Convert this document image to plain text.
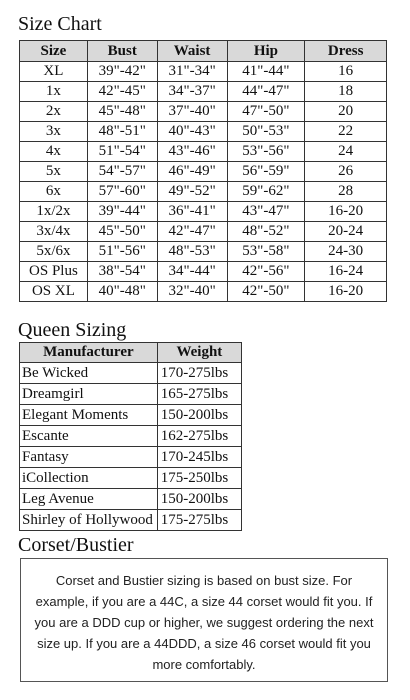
Size Chart
Size	Bust	Waist	Hip	Dress
XL	39"-42"	31"-34"	41"-44"	16
1x	42"-45"	34"-37"	44"-47"	18
2x	45"-48"	37"-40"	47"-50"	20
3x	48"-51"	40"-43"	50"-53"	22
4x	51"-54"	43"-46"	53"-56"	24
5x	54"-57"	46"-49"	56"-59"	26
6x	57"-60"	49"-52"	59"-62"	28
1x/2x	39"-44"	36"-41"	43"-47"	16-20
3x/4x	45"-50"	42"-47"	48"-52"	20-24
5x/6x	51"-56"	48"-53"	53"-58"	24-30
OS Plus	38"-54"	34"-44"	42"-56"	16-24
OS XL	40"-48"	32"-40"	42"-50"	16-20
Queen Sizing
Manufacturer	Weight
Be Wicked	170-275lbs
Dreamgirl	165-275lbs
Elegant Moments	150-200lbs
Escante	162-275lbs
Fantasy	170-245lbs
iCollection	175-250lbs
Leg Avenue	150-200lbs
Shirley of Hollywood	175-275lbs
Corset/Bustier
Corset and Bustier sizing is based on bust size. For example, if you are a 44C, a size 44 corset would fit you. If you are a DDD cup or higher, we suggest ordering the next size up. If you are a 44DDD, a size 46 corset would fit you more comfortably.
